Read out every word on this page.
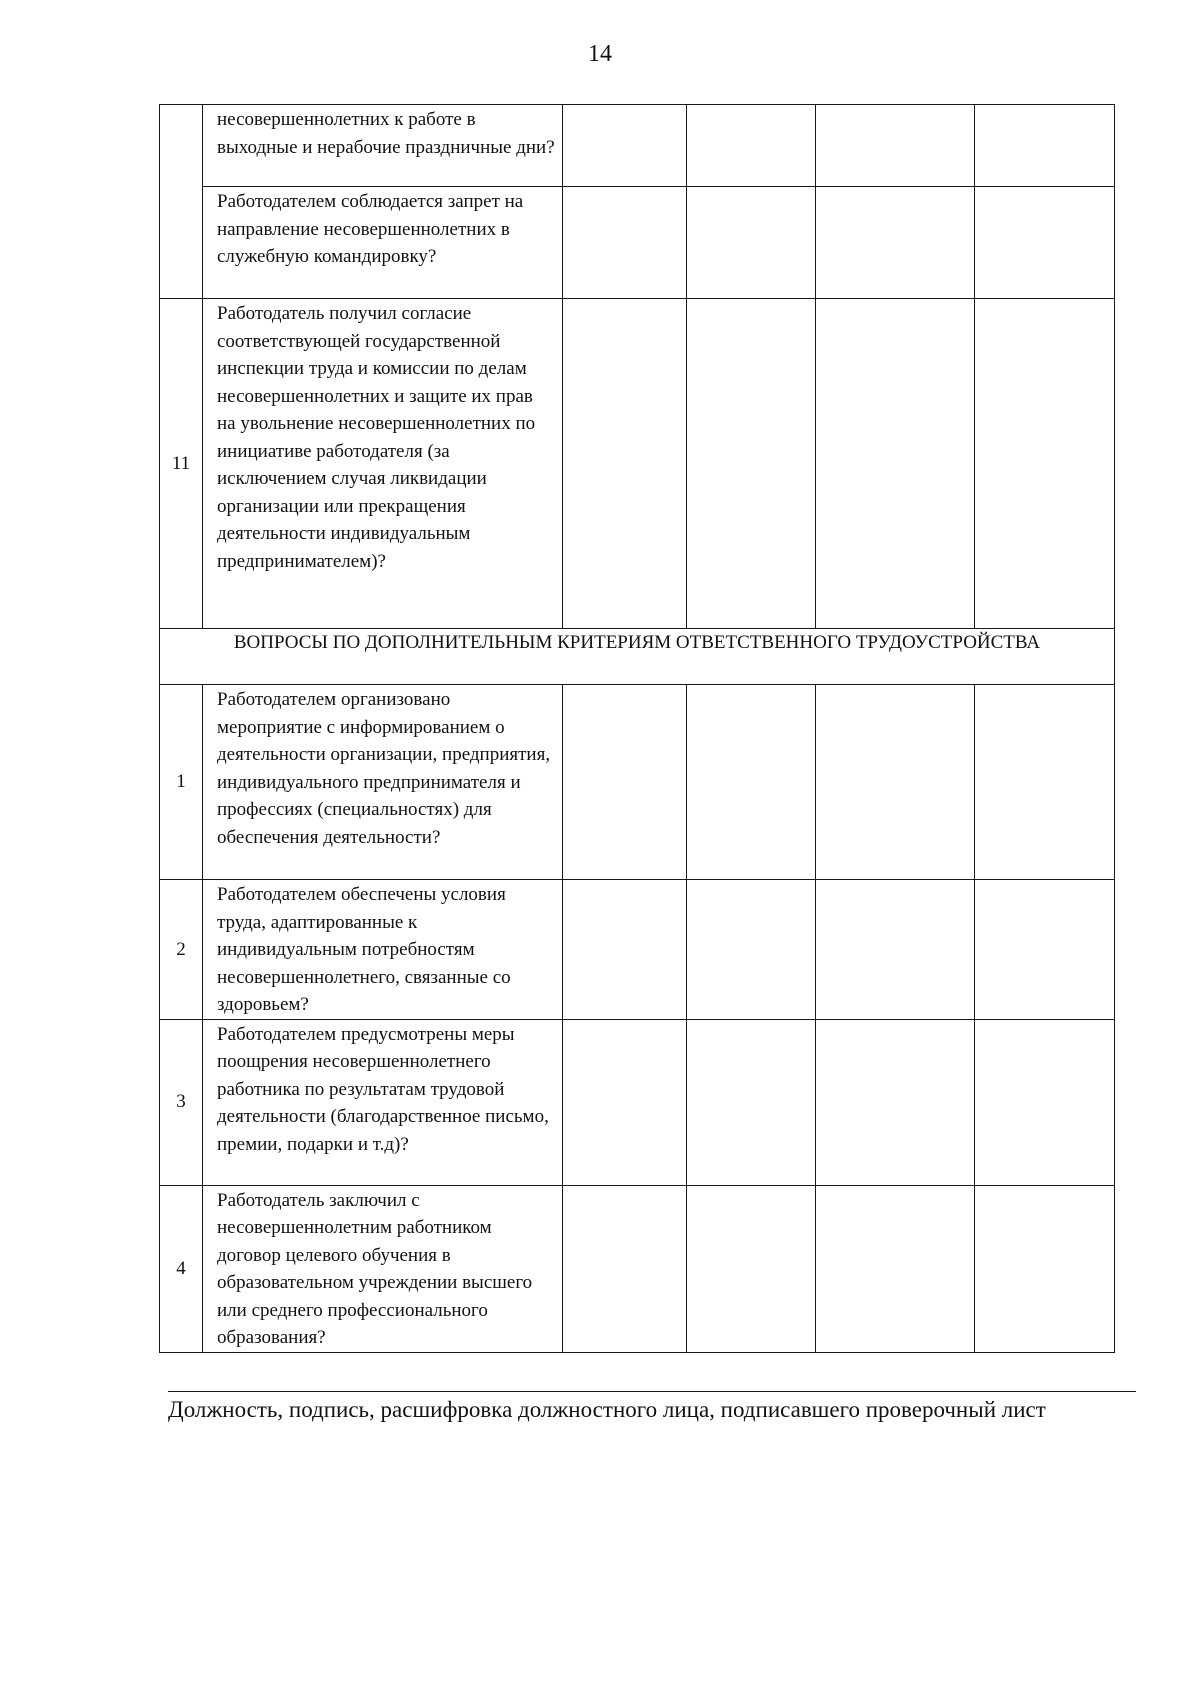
14
	несовершеннолетних к работе в выходные и нерабочие праздничные дни?				
	Работодателем соблюдается запрет на направление несовершеннолетних в служебную командировку?				
11	Работодатель получил согласие соответствующей государственной инспекции труда и комиссии по делам несовершеннолетних и защите их прав на увольнение несовершеннолетних по инициативе работодателя (за исключением случая ликвидации организации или прекращения деятельности индивидуальным предпринимателем)?				
ВОПРОСЫ ПО ДОПОЛНИТЕЛЬНЫМ КРИТЕРИЯМ ОТВЕТСТВЕННОГО ТРУДОУСТРОЙСТВА					
1	Работодателем организовано мероприятие с информированием о деятельности организации, предприятия, индивидуального предпринимателя и профессиях (специальностях) для обеспечения деятельности?				
2	Работодателем обеспечены условия труда, адаптированные к индивидуальным потребностям несовершеннолетнего, связанные со здоровьем?				
3	Работодателем предусмотрены меры поощрения несовершеннолетнего работника по результатам трудовой деятельности (благодарственное письмо, премии, подарки и т.д)?				
4	Работодатель заключил с несовершеннолетним работником договор целевого обучения в образовательном учреждении высшего или среднего профессионального образования?				
Должность, подпись, расшифровка должностного лица, подписавшего проверочный лист
